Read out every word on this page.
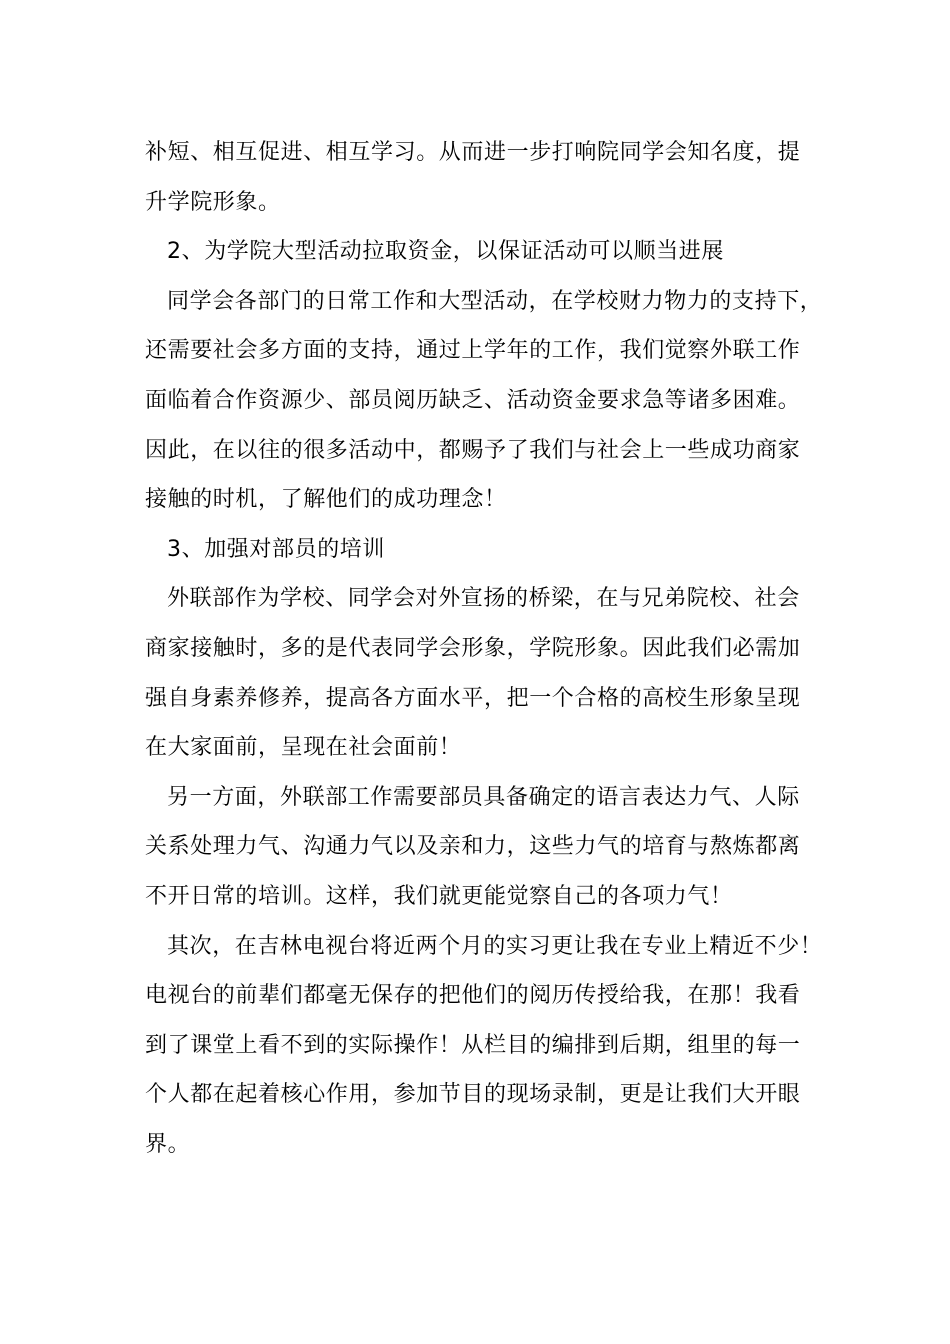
补短、相互促进、相互学习。从而进一步打响院同学会知名度，提
升学院形象。
2、为学院大型活动拉取资金，以保证活动可以顺当进展
同学会各部门的日常工作和大型活动，在学校财力物力的支持下，
还需要社会多方面的支持，通过上学年的工作，我们觉察外联工作
面临着合作资源少、部员阅历缺乏、活动资金要求急等诸多困难。
因此，在以往的很多活动中，都赐予了我们与社会上一些成功商家
接触的时机，了解他们的成功理念！
3、加强对部员的培训
外联部作为学校、同学会对外宣扬的桥梁，在与兄弟院校、社会
商家接触时，多的是代表同学会形象，学院形象。因此我们必需加
强自身素养修养，提高各方面水平，把一个合格的高校生形象呈现
在大家面前，呈现在社会面前！
另一方面，外联部工作需要部员具备确定的语言表达力气、人际
关系处理力气、沟通力气以及亲和力，这些力气的培育与熬炼都离
不开日常的培训。这样，我们就更能觉察自己的各项力气！
其次，在吉林电视台将近两个月的实习更让我在专业上精近不少！
电视台的前辈们都毫无保存的把他们的阅历传授给我，在那！我看
到了课堂上看不到的实际操作！从栏目的编排到后期，组里的每一
个人都在起着核心作用，参加节目的现场录制，更是让我们大开眼
界。
